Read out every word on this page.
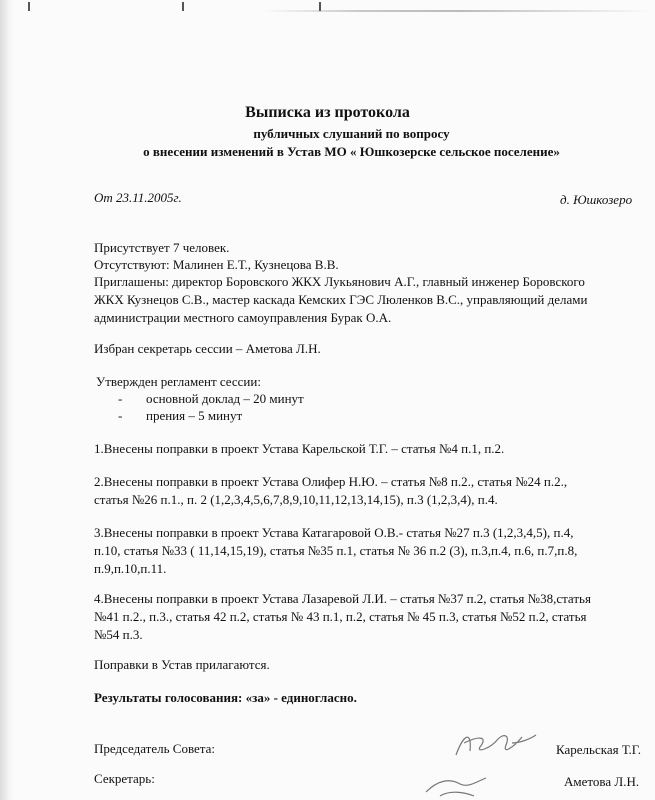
Выписка из протокола
публичных слушаний по вопросу
о внесении изменений в Устав МО « Юшкозерске сельское поселение»
От 23.11.2005г.	д. Юшкозеро
Присутствует 7 человек.
Отсутствуют: Малинен Е.Т., Кузнецова В.В.
Приглашены: директор Боровского ЖКХ Лукьянович А.Г., главный инженер Боровского
ЖКХ Кузнецов С.В., мастер каскада Кемских ГЭС Люленков В.С., управляющий делами
администрации местного самоуправления Бурак О.А.
Избран секретарь сессии – Аметова Л.Н.
Утвержден регламент сессии:
- основной доклад – 20 минут
- прения – 5 минут
1.Внесены поправки в проект Устава Карельской Т.Г. – статья №4 п.1, п.2.
2.Внесены поправки в проект Устава Олифер Н.Ю. – статья №8 п.2., статья №24 п.2.,
статья №26 п.1., п. 2 (1,2,3,4,5,6,7,8,9,10,11,12,13,14,15), п.3 (1,2,3,4), п.4.
3.Внесены поправки в проект Устава Катагаровой О.В.- статья №27 п.3 (1,2,3,4,5), п.4,
п.10, статья №33 ( 11,14,15,19), статья №35 п.1, статья № 36 п.2 (3), п.3,п.4, п.6, п.7,п.8,
п.9,п.10,п.11.
4.Внесены поправки в проект Устава Лазаревой Л.И. – статья №37 п.2, статья №38,статья
№41 п.2., п.3., статья 42 п.2, статья № 43 п.1, п.2, статья № 45 п.3, статья №52 п.2, статья
№54 п.3.
Поправки в Устав прилагаются.
Результаты голосования: «за» - единогласно.
Председатель Совета:	Карельская Т.Г.
Секретарь:	Аметова Л.Н.
